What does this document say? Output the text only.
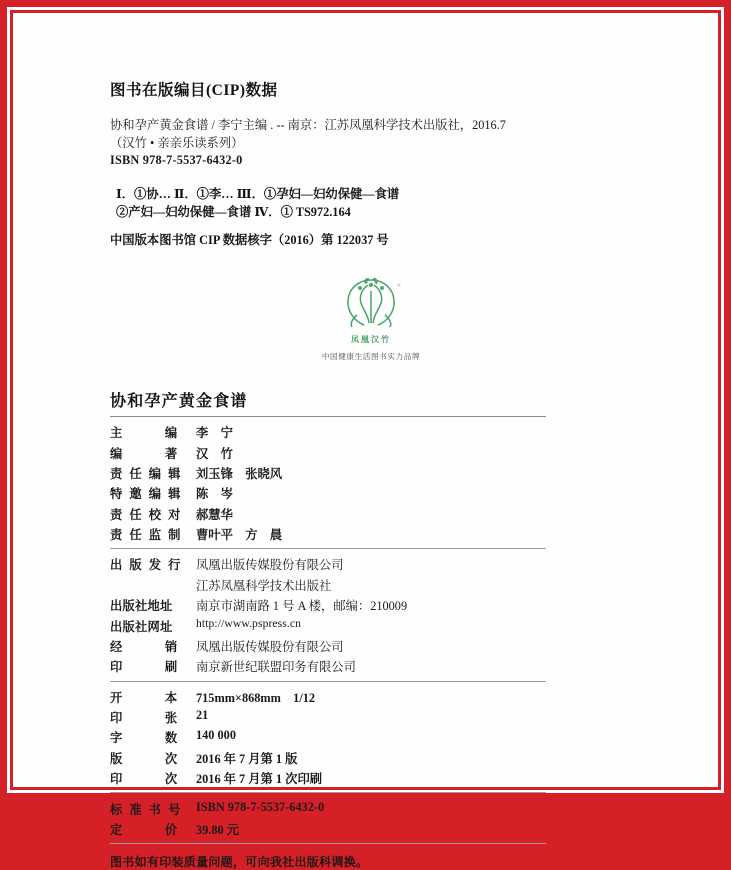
图书在版编目(CIP)数据
协和孕产黄金食谱 / 李宁主编 . -- 南京：江苏凤凰科学技术出版社，2016.7
（汉竹 • 亲亲乐读系列）
ISBN 978-7-5537-6432-0
Ⅰ．①协… Ⅱ．①李… Ⅲ．①孕妇—妇幼保健—食谱
②产妇—妇幼保健—食谱 Ⅳ．① TS972.164
中国版本图书馆 CIP 数据核字（2016）第 122037 号
®
凤凰汉竹
中国健康生活图书实力品牌
协和孕产黄金食谱
主　　编	李　宁
编　　著	汉　竹
责 任 编 辑	刘玉锋　张晓风
特 邀 编 辑	陈　岑
责 任 校 对	郝慧华
责 任 监 制	曹叶平　方　晨
出 版 发 行	凤凰出版传媒股份有限公司
	江苏凤凰科学技术出版社
出版社地址	南京市湖南路 1 号 A 楼，邮编：210009
出版社网址	http://www.pspress.cn
经　　销	凤凰出版传媒股份有限公司
印　　刷	南京新世纪联盟印务有限公司
开　　本	715mm×868mm　1/12
印　　张	21
字　　数	140 000
版　　次	2016 年 7 月第 1 版
印　　次	2016 年 7 月第 1 次印刷
标 准 书 号	ISBN 978-7-5537-6432-0
定　　价	39.80 元
图书如有印装质量问题，可向我社出版科调换。
